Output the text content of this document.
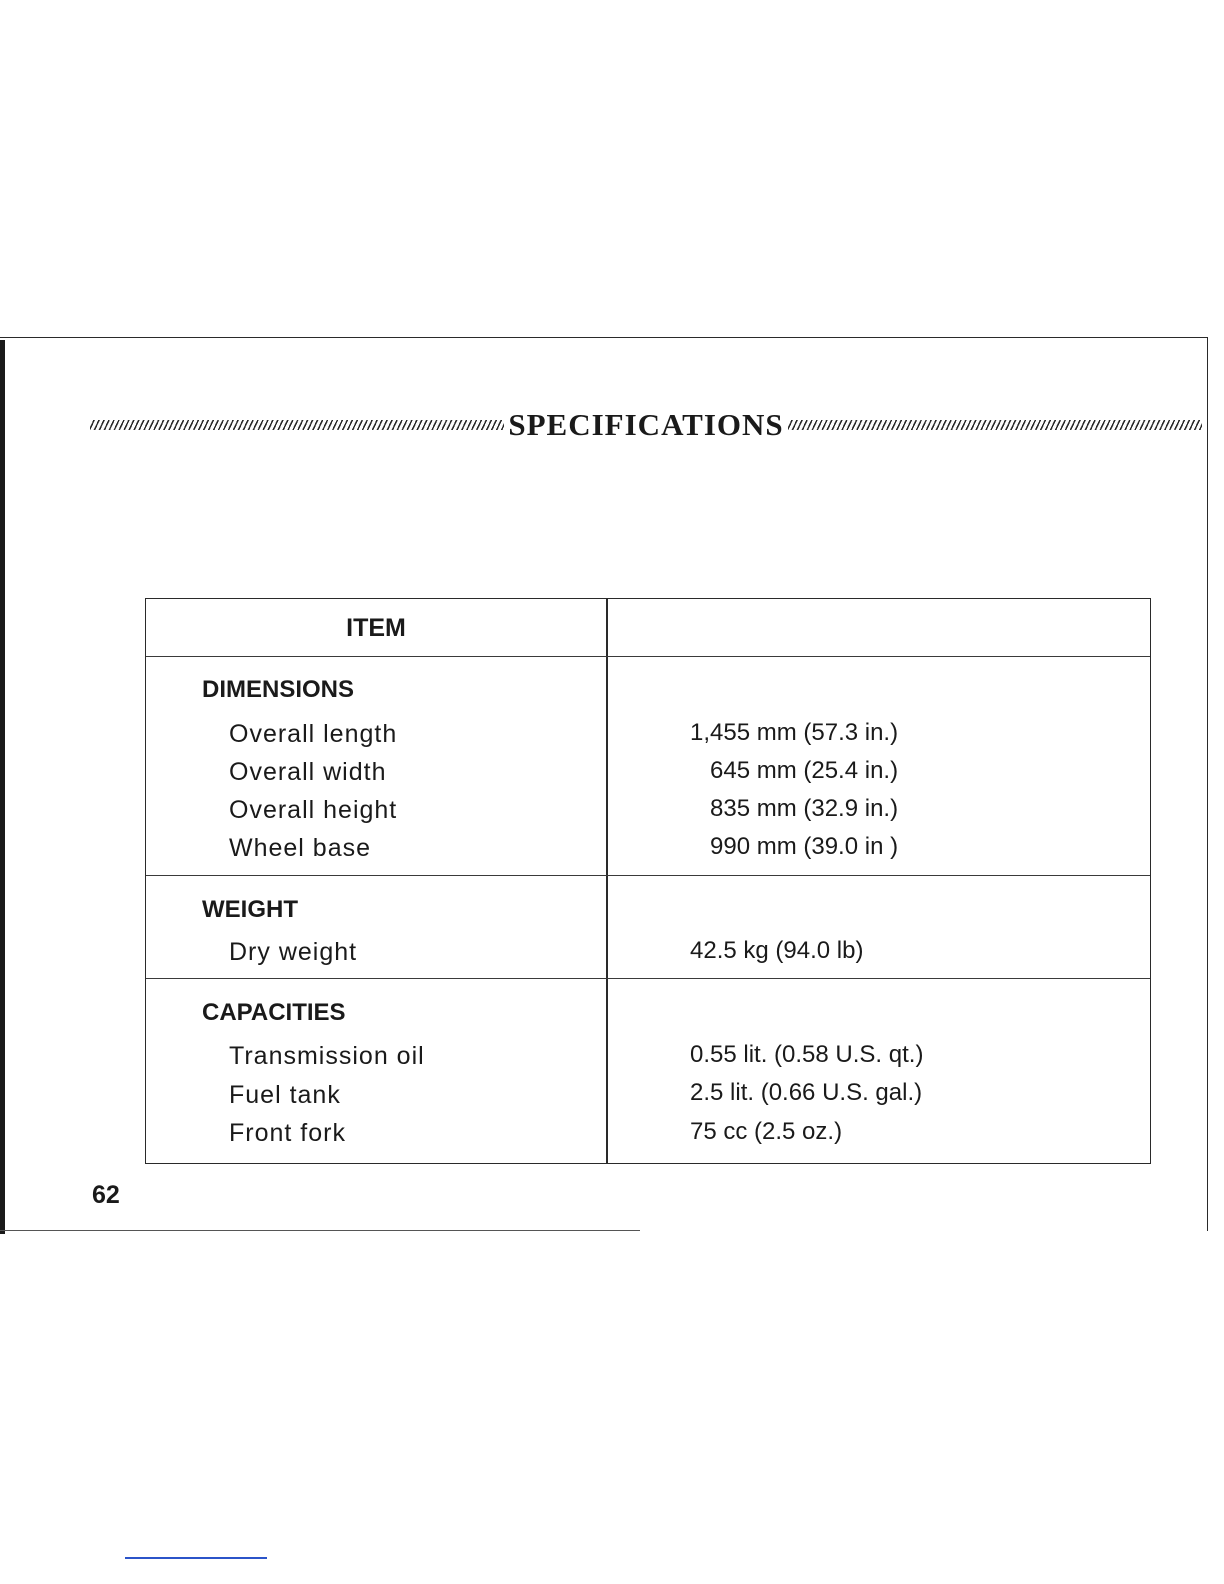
SPECIFICATIONS
ITEM
DIMENSIONS
Overall length	1,455 mm (57.3 in.)
Overall width	645 mm (25.4 in.)
Overall height	835 mm (32.9 in.)
Wheel base	990 mm (39.0 in )
WEIGHT
Dry weight	42.5 kg (94.0 lb)
CAPACITIES
Transmission oil	0.55 lit. (0.58 U.S. qt.)
Fuel tank	2.5 lit. (0.66 U.S. gal.)
Front fork	75 cc (2.5 oz.)
62
